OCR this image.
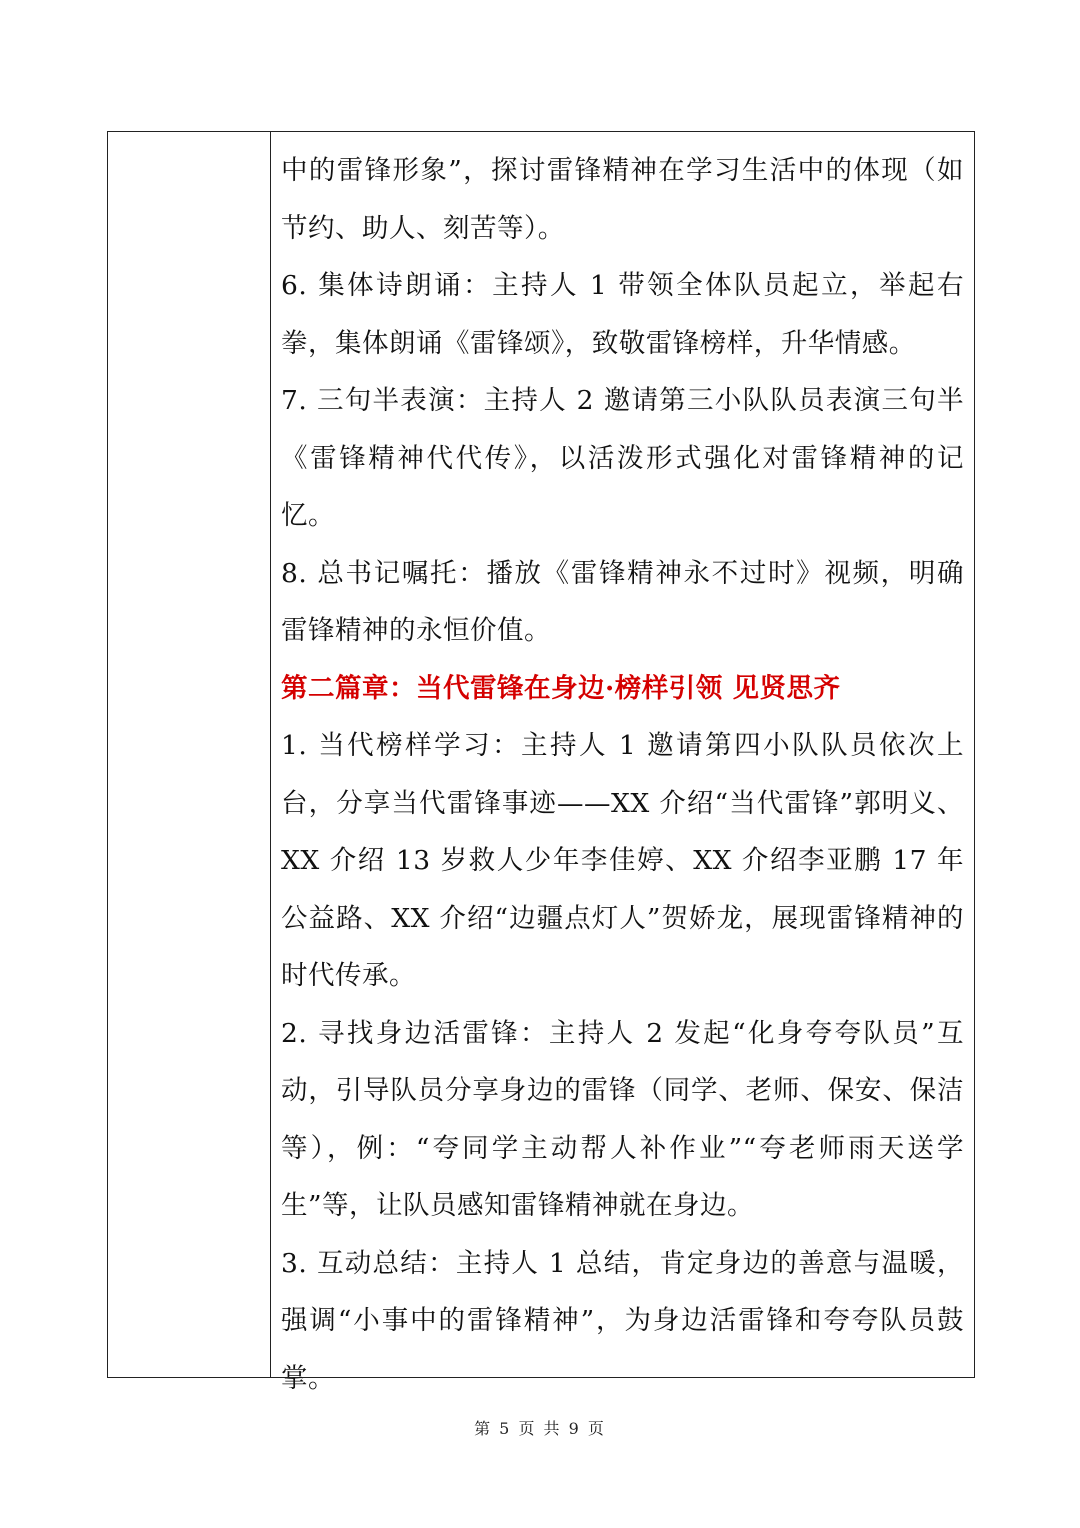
中的雷锋形象”，探讨雷锋精神在学习生活中的体现（如节约、助人、刻苦等）。

6. 集体诗朗诵：主持人 1 带领全体队员起立，举起右拳，集体朗诵《雷锋颂》，致敬雷锋榜样，升华情感。

7. 三句半表演：主持人 2 邀请第三小队队员表演三句半《雷锋精神代代传》，以活泼形式强化对雷锋精神的记忆。

8. 总书记嘱托：播放《雷锋精神永不过时》视频，明确雷锋精神的永恒价值。

第二篇章：当代雷锋在身边·榜样引领 见贤思齐

1. 当代榜样学习：主持人 1 邀请第四小队队员依次上台，分享当代雷锋事迹——XX 介绍“当代雷锋”郭明义、XX 介绍 13 岁救人少年李佳婷、XX 介绍李亚鹏 17 年公益路、XX 介绍“边疆点灯人”贺娇龙，展现雷锋精神的时代传承。

2. 寻找身边活雷锋：主持人 2 发起“化身夸夸队员”互动，引导队员分享身边的雷锋（同学、老师、保安、保洁等），例：“夸同学主动帮人补作业”“夸老师雨天送学生”等，让队员感知雷锋精神就在身边。

3. 互动总结：主持人 1 总结，肯定身边的善意与温暖，强调“小事中的雷锋精神”，为身边活雷锋和夸夸队员鼓掌。

第 5 页 共 9 页
